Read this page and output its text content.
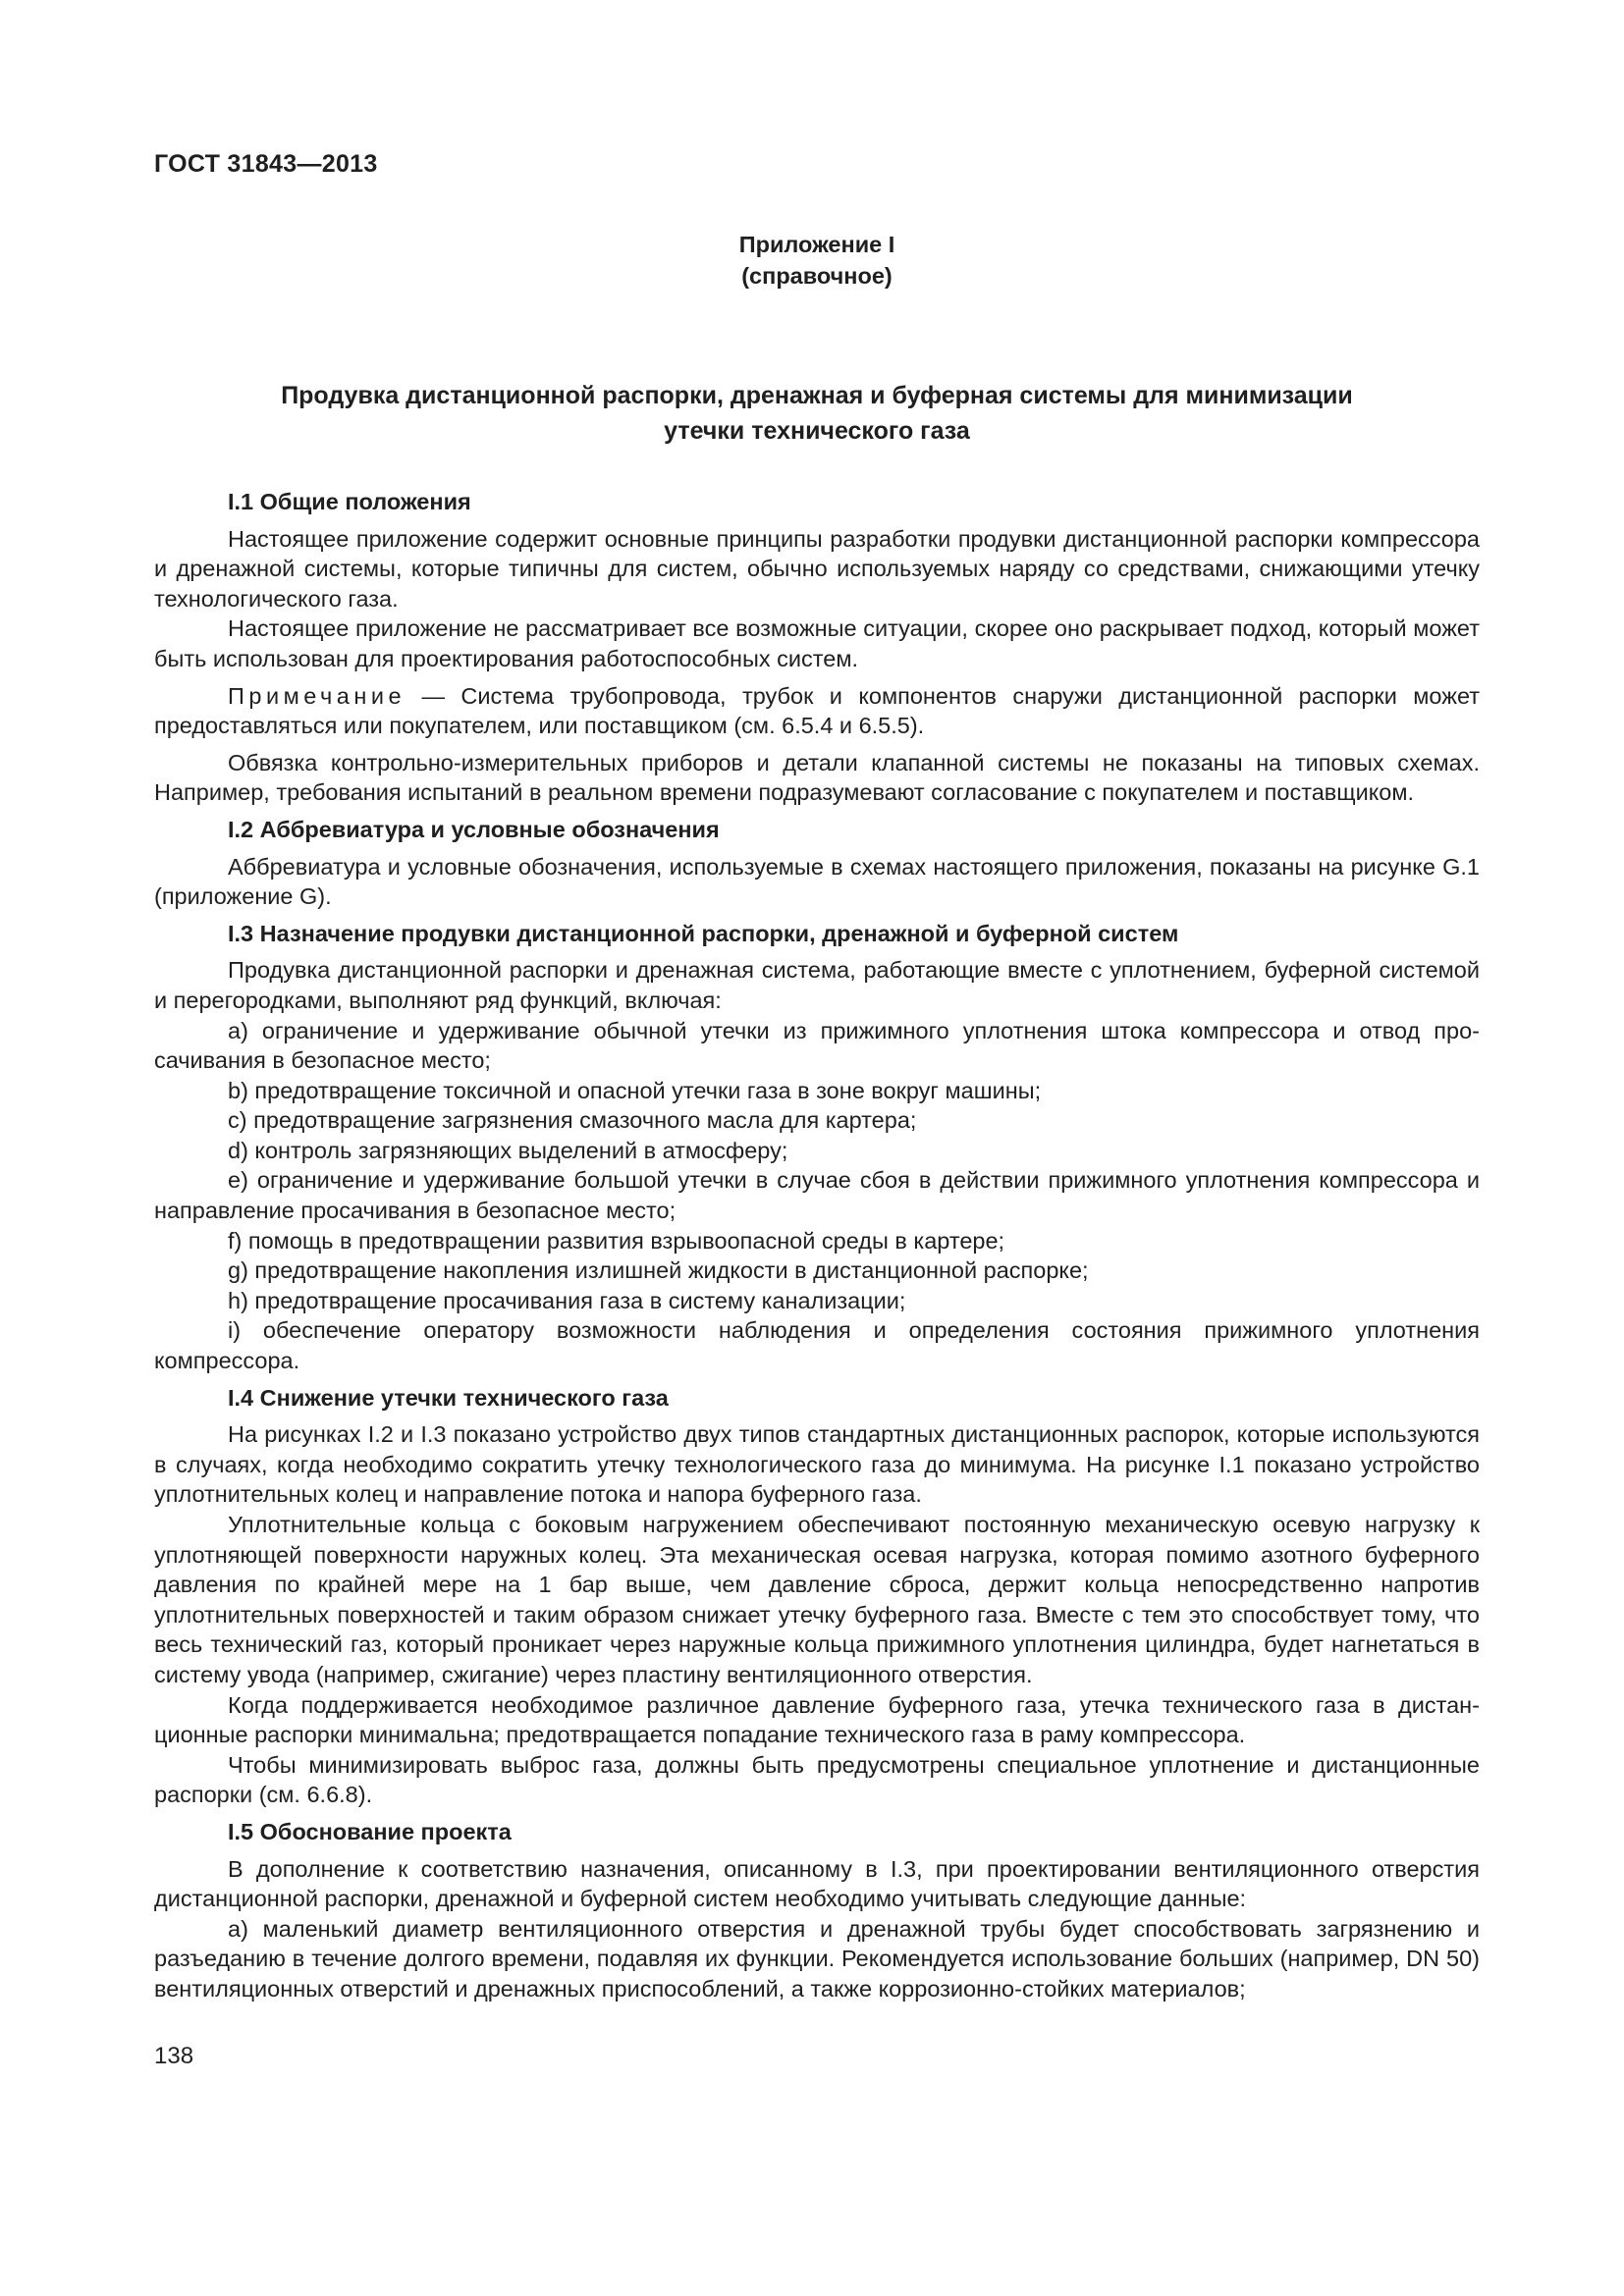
ГОСТ 31843—2013
Приложение I
(справочное)
Продувка дистанционной распорки, дренажная и буферная системы для минимизации
утечки технического газа
I.1 Общие положения

Настоящее приложение содержит основные принципы разработки продувки дистанционной распорки компрессора и дренажной системы, которые типичны для систем, обычно используемых наряду со средствами, снижающими утечку технологического газа.

Настоящее приложение не рассматривает все возможные ситуации, скорее оно раскрывает подход, который может быть использован для проектирования работоспособных систем.

Примечание — Система трубопровода, трубок и компонентов снаружи дистанционной распорки может предоставляться или покупателем, или поставщиком (см. 6.5.4 и 6.5.5).

Обвязка контрольно-измерительных приборов и детали клапанной системы не показаны на типовых схемах. Например, требования испытаний в реальном времени подразумевают согласование с покупателем и поставщиком.

I.2 Аббревиатура и условные обозначения

Аббревиатура и условные обозначения, используемые в схемах настоящего приложения, показаны на рисунке G.1 (приложение G).

I.3 Назначение продувки дистанционной распорки, дренажной и буферной систем

Продувка дистанционной распорки и дренажная система, работающие вместе с уплотнением, буферной системой и перегородками, выполняют ряд функций, включая:

а) ограничение и удерживание обычной утечки из прижимного уплотнения штока компрессора и отвод просачивания в безопасное место;

b) предотвращение токсичной и опасной утечки газа в зоне вокруг машины;

c) предотвращение загрязнения смазочного масла для картера;

d) контроль загрязняющих выделений в атмосферу;

e) ограничение и удерживание большой утечки в случае сбоя в действии прижимного уплотнения компрессора и направление просачивания в безопасное место;

f) помощь в предотвращении развития взрывоопасной среды в картере;

g) предотвращение накопления излишней жидкости в дистанционной распорке;

h) предотвращение просачивания газа в систему канализации;

i) обеспечение оператору возможности наблюдения и определения состояния прижимного уплотнения компрессора.

I.4 Снижение утечки технического газа

На рисунках I.2 и I.3 показано устройство двух типов стандартных дистанционных распорок, которые используются в случаях, когда необходимо сократить утечку технологического газа до минимума. На рисунке I.1 показано устройство уплотнительных колец и направление потока и напора буферного газа.

Уплотнительные кольца с боковым нагружением обеспечивают постоянную механическую осевую нагрузку к уплотняющей поверхности наружных колец. Эта механическая осевая нагрузка, которая помимо азотного буферного давления по крайней мере на 1 бар выше, чем давление сброса, держит кольца непосредственно напротив уплотнительных поверхностей и таким образом снижает утечку буферного газа. Вместе с тем это способствует тому, что весь технический газ, который проникает через наружные кольца прижимного уплотнения цилиндра, будет нагнетаться в систему увода (например, сжигание) через пластину вентиляционного отверстия.

Когда поддерживается необходимое различное давление буферного газа, утечка технического газа в дистанционные распорки минимальна; предотвращается попадание технического газа в раму компрессора.

Чтобы минимизировать выброс газа, должны быть предусмотрены специальное уплотнение и дистанционные распорки (см. 6.6.8).

I.5 Обоснование проекта

В дополнение к соответствию назначения, описанному в I.3, при проектировании вентиляционного отверстия дистанционной распорки, дренажной и буферной систем необходимо учитывать следующие данные:

а) маленький диаметр вентиляционного отверстия и дренажной трубы будет способствовать загрязнению и разъеданию в течение долгого времени, подавляя их функции. Рекомендуется использование больших (например, DN 50) вентиляционных отверстий и дренажных приспособлений, а также коррозионно-стойких материалов;

138
